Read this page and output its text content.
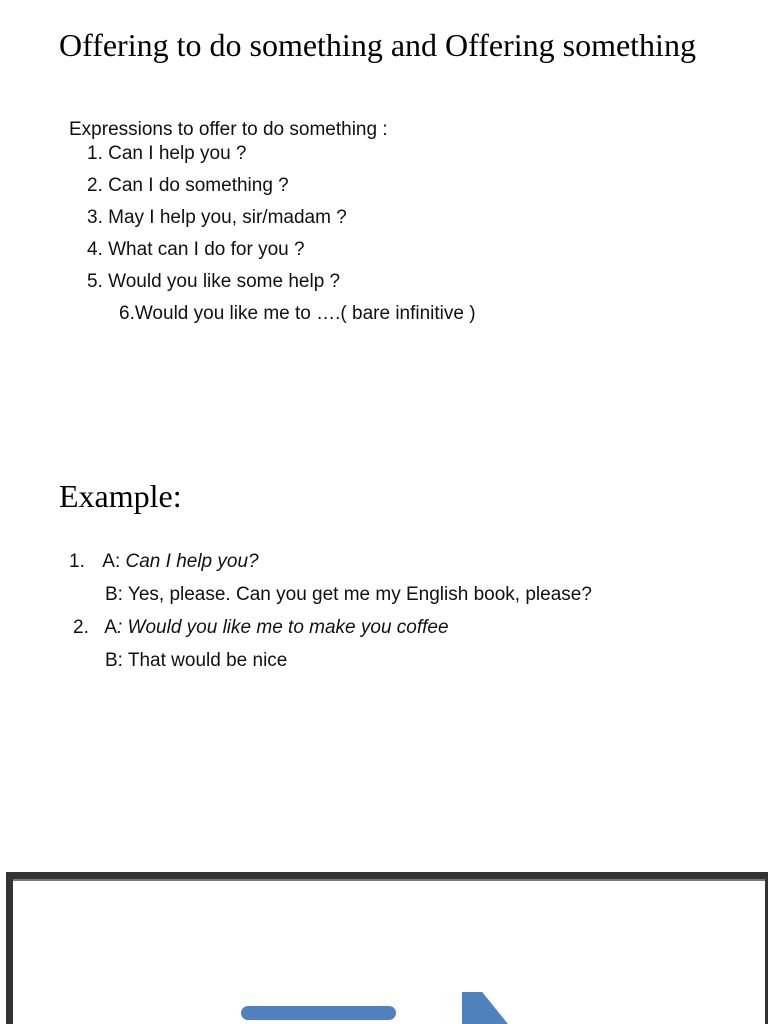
Offering to do something and Offering something

Expressions to offer to do something :

1. Can I help you ?
2. Can I do something ?
3. May I help you, sir/madam ?
4. What can I do for you ?
5. Would you like some help ?
6.Would you like me to ….( bare infinitive )
Example:
1. A: Can I help you?
B: Yes, please. Can you get me my English book, please?
2. A: Would you like me to make you coffee
B: That would be nice
